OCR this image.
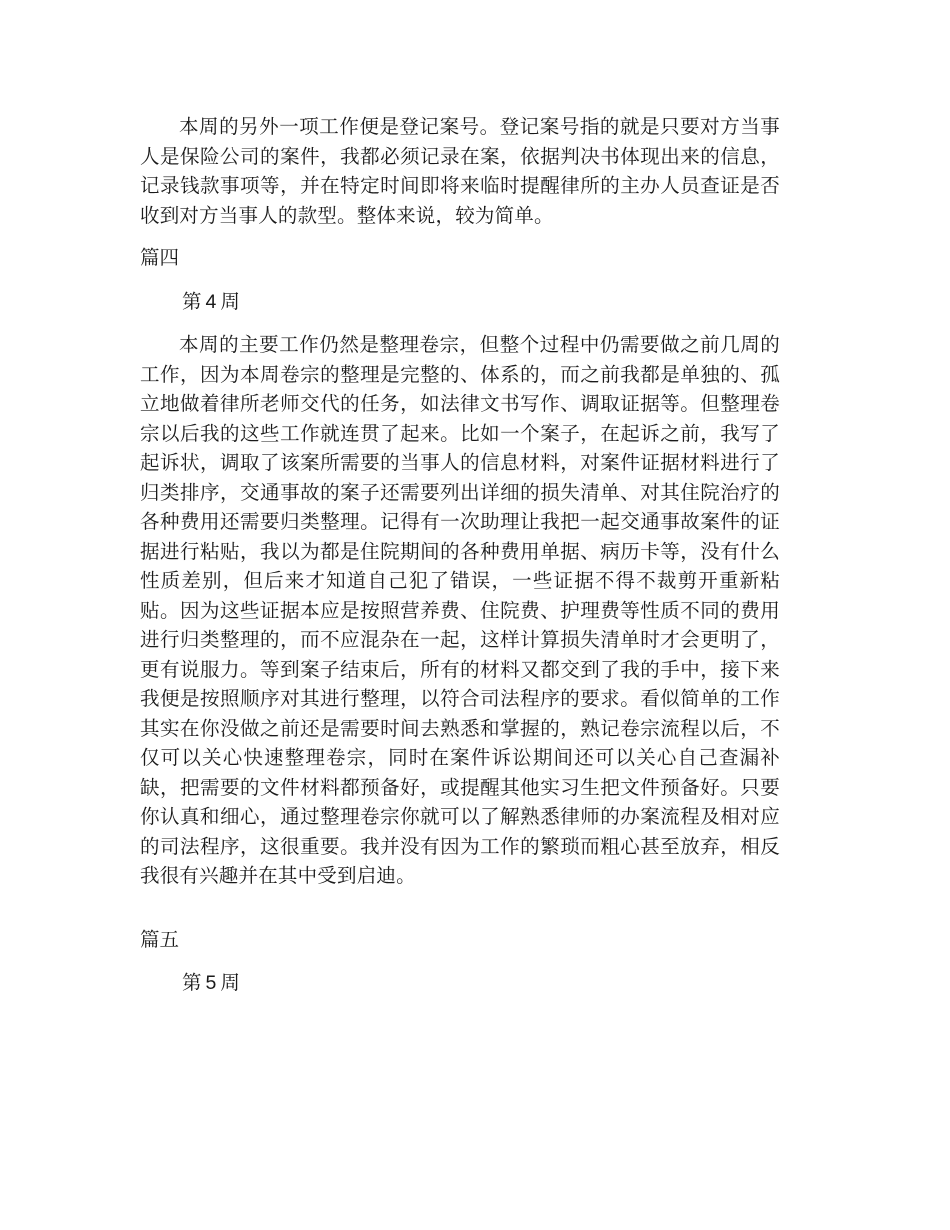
本周的另外一项工作便是登记案号。登记案号指的就是只要对方当事人是保险公司的案件，我都必须记录在案，依据判决书体现出来的信息，记录钱款事项等，并在特定时间即将来临时提醒律所的主办人员查证是否收到对方当事人的款型。整体来说，较为简单。

篇四

第 4 周

本周的主要工作仍然是整理卷宗，但整个过程中仍需要做之前几周的工作，因为本周卷宗的整理是完整的、体系的，而之前我都是单独的、孤立地做着律所老师交代的任务，如法律文书写作、调取证据等。但整理卷宗以后我的这些工作就连贯了起来。比如一个案子，在起诉之前，我写了起诉状，调取了该案所需要的当事人的信息材料，对案件证据材料进行了归类排序，交通事故的案子还需要列出详细的损失清单、对其住院治疗的各种费用还需要归类整理。记得有一次助理让我把一起交通事故案件的证据进行粘贴，我以为都是住院期间的各种费用单据、病历卡等，没有什么性质差别，但后来才知道自己犯了错误，一些证据不得不裁剪开重新粘贴。因为这些证据本应是按照营养费、住院费、护理费等性质不同的费用进行归类整理的，而不应混杂在一起，这样计算损失清单时才会更明了，更有说服力。等到案子结束后，所有的材料又都交到了我的手中，接下来我便是按照顺序对其进行整理，以符合司法程序的要求。看似简单的工作其实在你没做之前还是需要时间去熟悉和掌握的，熟记卷宗流程以后，不仅可以关心快速整理卷宗，同时在案件诉讼期间还可以关心自己查漏补缺，把需要的文件材料都预备好，或提醒其他实习生把文件预备好。只要你认真和细心，通过整理卷宗你就可以了解熟悉律师的办案流程及相对应的司法程序，这很重要。我并没有因为工作的繁琐而粗心甚至放弃，相反我很有兴趣并在其中受到启迪。

篇五

第 5 周
